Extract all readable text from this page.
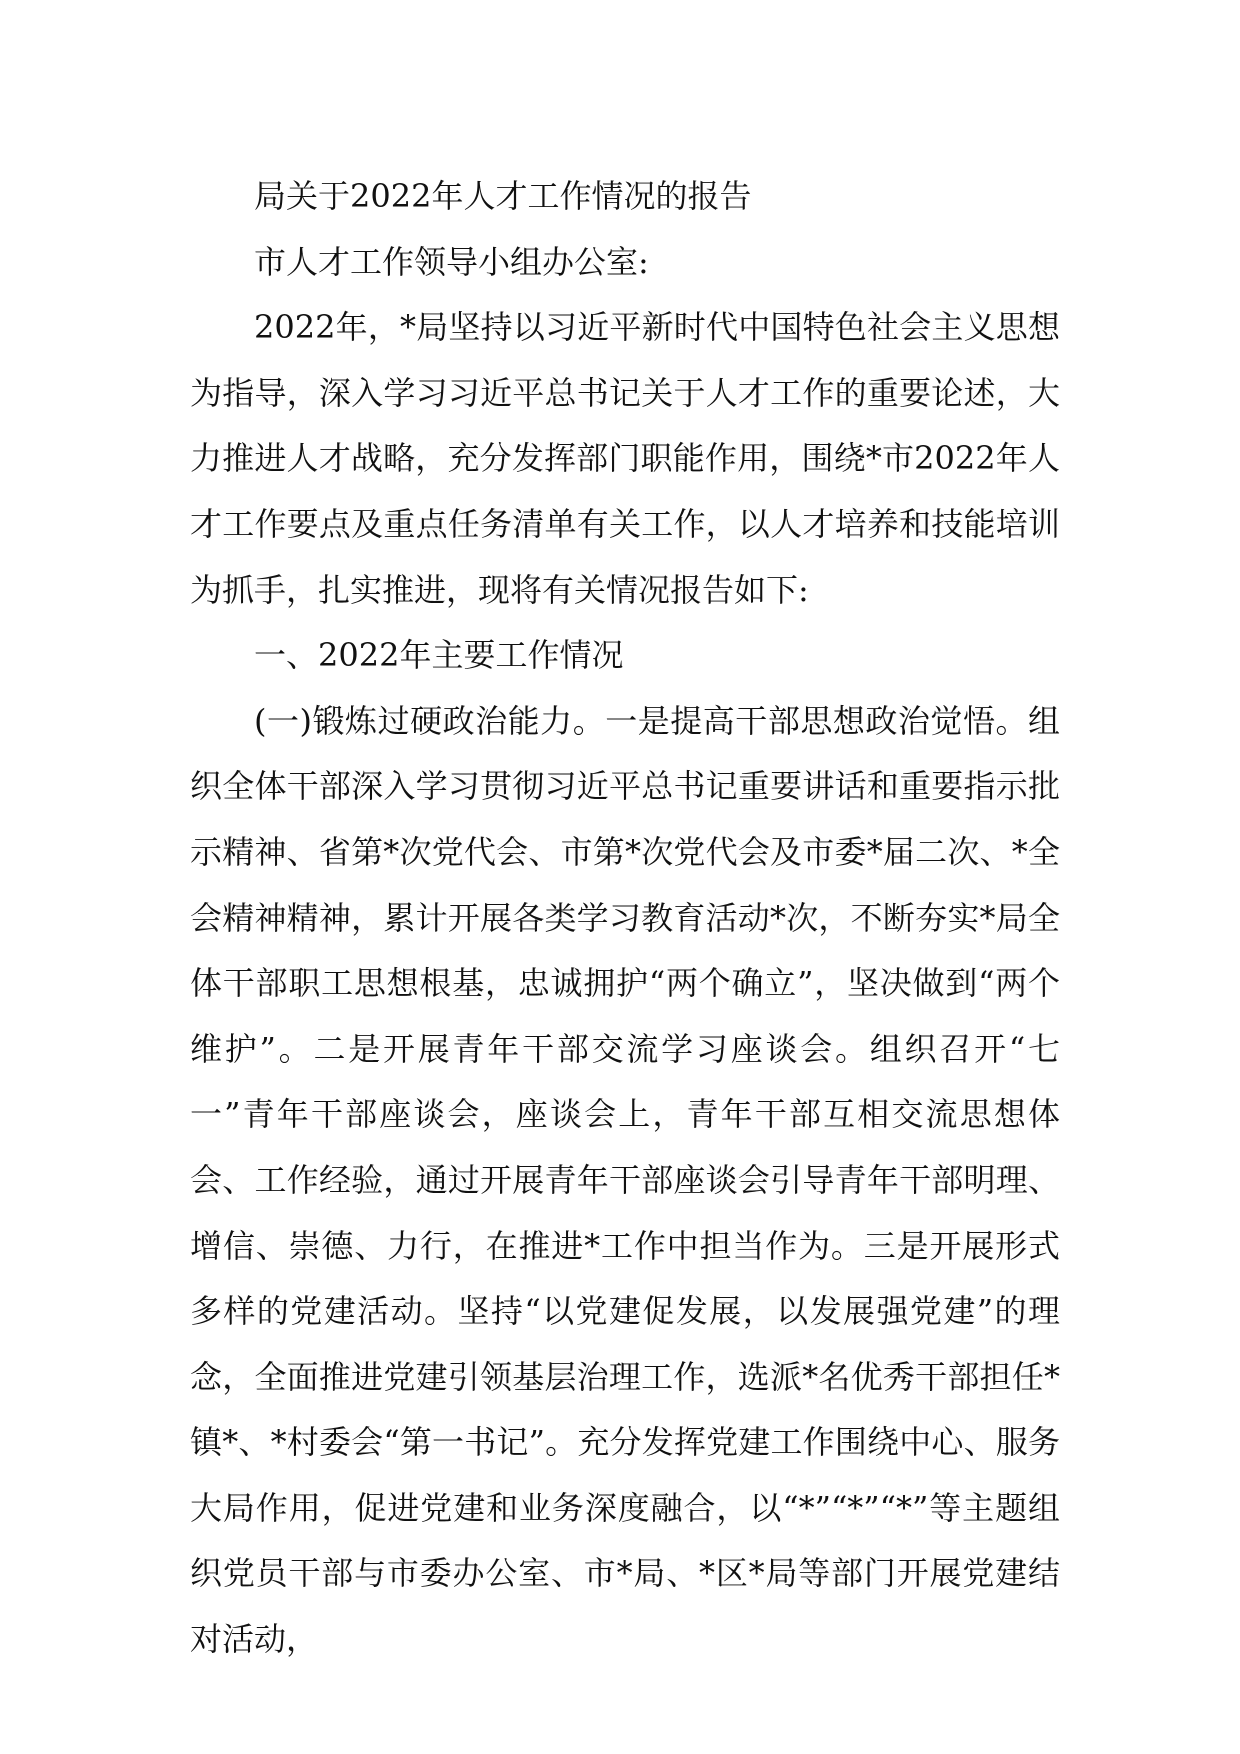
局关于2022年人才工作情况的报告

市人才工作领导小组办公室:

2022年，*局坚持以习近平新时代中国特色社会主义思想为指导，深入学习习近平总书记关于人才工作的重要论述，大力推进人才战略，充分发挥部门职能作用，围绕*市2022年人才工作要点及重点任务清单有关工作，以人才培养和技能培训为抓手，扎实推进，现将有关情况报告如下:

一、2022年主要工作情况

(一)锻炼过硬政治能力。一是提高干部思想政治觉悟。组织全体干部深入学习贯彻习近平总书记重要讲话和重要指示批示精神、省第*次党代会、市第*次党代会及市委*届二次、*全会精神精神，累计开展各类学习教育活动*次，不断夯实*局全体干部职工思想根基，忠诚拥护“两个确立”，坚决做到“两个维护”。二是开展青年干部交流学习座谈会。组织召开“七一”青年干部座谈会，座谈会上，青年干部互相交流思想体会、工作经验，通过开展青年干部座谈会引导青年干部明理、增信、崇德、力行，在推进*工作中担当作为。三是开展形式多样的党建活动。坚持“以党建促发展，以发展强党建”的理念，全面推进党建引领基层治理工作，选派*名优秀干部担任*镇*、*村委会“第一书记”。充分发挥党建工作围绕中心、服务大局作用，促进党建和业务深度融合，以“*”“*”“*”等主题组织党员干部与市委办公室、市*局、*区*局等部门开展党建结对活动，
